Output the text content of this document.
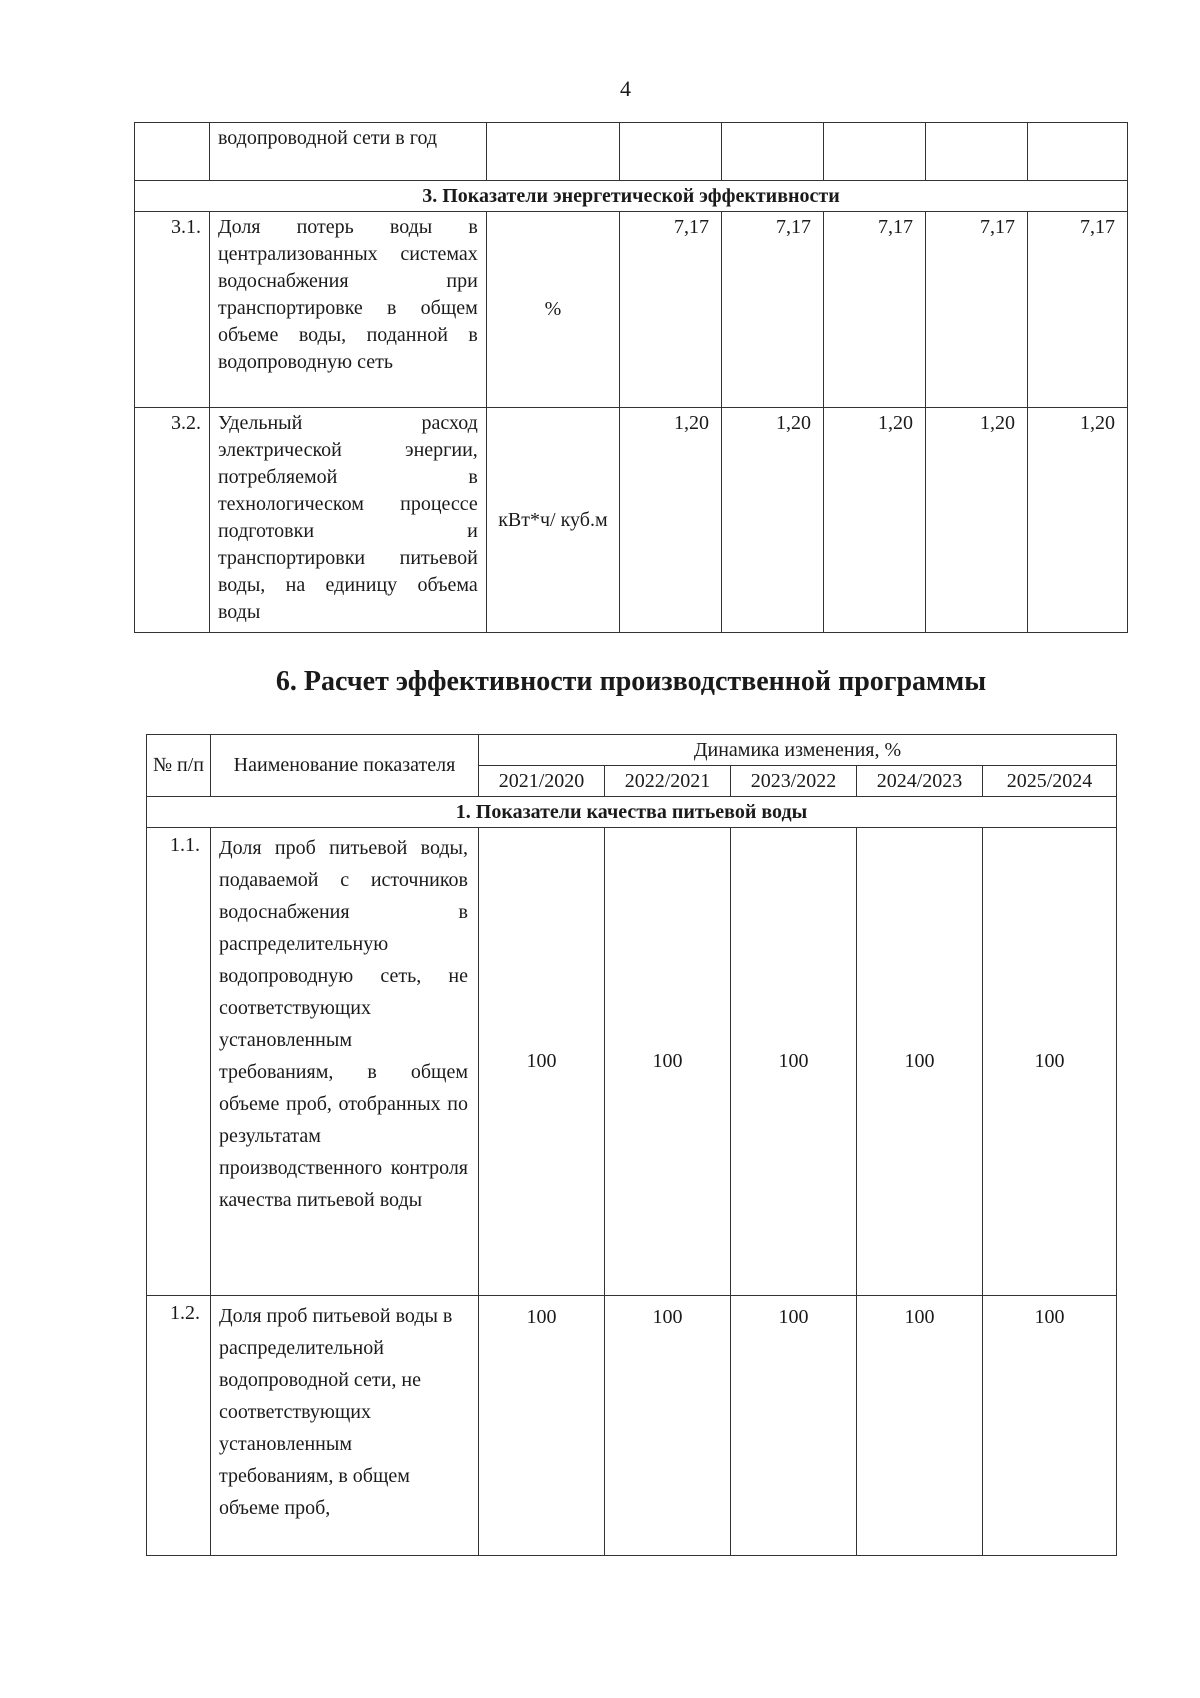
4
	водопроводной сети в год						
3. Показатели энергетической эффективности							
3.1.	Доля потерь воды в централизованных системах водоснабжения при транспортировке в общем объеме воды, поданной в водопроводную сеть	%	7,17	7,17	7,17	7,17	7,17
3.2.	Удельный расход электрической энергии, потребляемой в технологическом процессе подготовки и транспортировки питьевой воды, на единицу объема воды	кВт*ч/ куб.м	1,20	1,20	1,20	1,20	1,20
6. Расчет эффективности производственной программы
№ п/п	Наименование показателя	Динамика изменения, %				
		2021/2020	2022/2021	2023/2022	2024/2023	2025/2024
1. Показатели качества питьевой воды						
1.1.	Доля проб питьевой воды, подаваемой с источников водоснабжения в распределительную водопроводную сеть, не соответствующих установленным требованиям, в общем объеме проб, отобранных по результатам производственного контроля качества питьевой воды	100	100	100	100	100
1.2.	Доля проб питьевой воды в распределительной водопроводной сети, не соответствующих установленным требованиям, в общем объеме проб,	100	100	100	100	100
